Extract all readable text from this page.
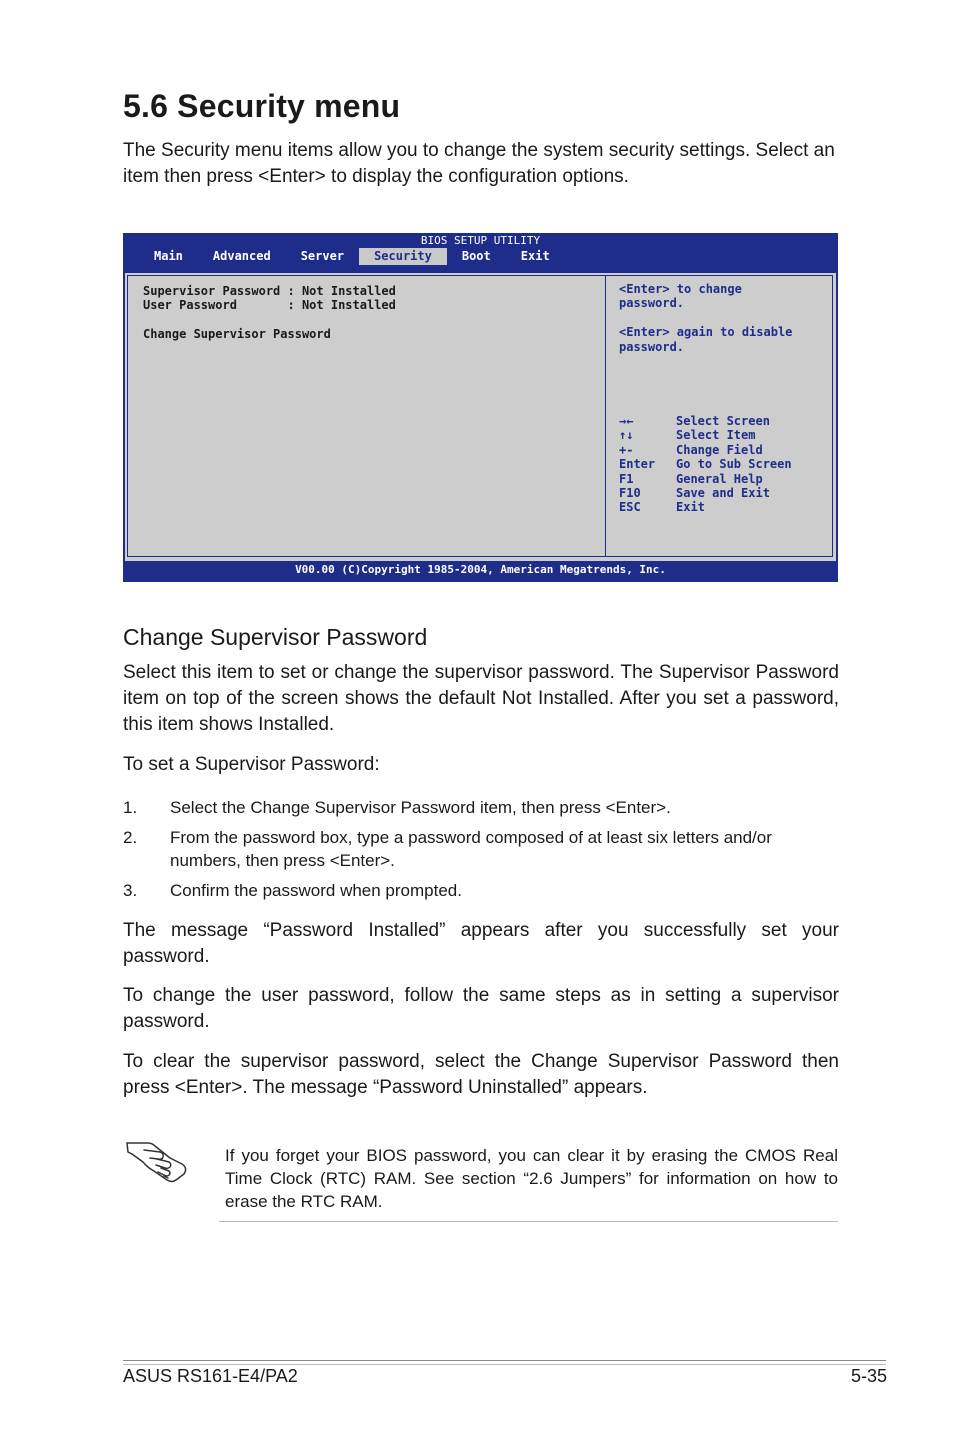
5.6 Security menu
The Security menu items allow you to change the system security settings. Select an item then press <Enter> to display the configuration options.
BIOS SETUP UTILITY
Main	Advanced	Server	Security	Boot	Exit
Supervisor Password : Not Installed
User Password       : Not Installed

Change Supervisor Password
<Enter> to change
password.

<Enter> again to disable
password.
→←	Select Screen
↑↓	Select Item
+-	Change Field
Enter	Go to Sub Screen
F1	General Help
F10	Save and Exit
ESC	Exit
V00.00 (C)Copyright 1985-2004, American Megatrends, Inc.
Change Supervisor Password

Select this item to set or change the supervisor password. The Supervisor Password item on top of the screen shows the default Not Installed. After you set a password, this item shows Installed.

To set a Supervisor Password:

1.	Select the Change Supervisor Password item, then press <Enter>.
2.	From the password box, type a password composed of at least six letters and/or numbers, then press <Enter>.
3.	Confirm the password when prompted.

The message “Password Installed” appears after you successfully set your password.

To change the user password, follow the same steps as in setting a supervisor password.

To clear the supervisor password, select the Change Supervisor Password then press <Enter>. The message “Password Uninstalled” appears.

If you forget your BIOS password, you can clear it by erasing the CMOS Real Time Clock (RTC) RAM. See section “2.6 Jumpers” for information on how to erase the RTC RAM.

ASUS RS161-E4/PA2	5-35
